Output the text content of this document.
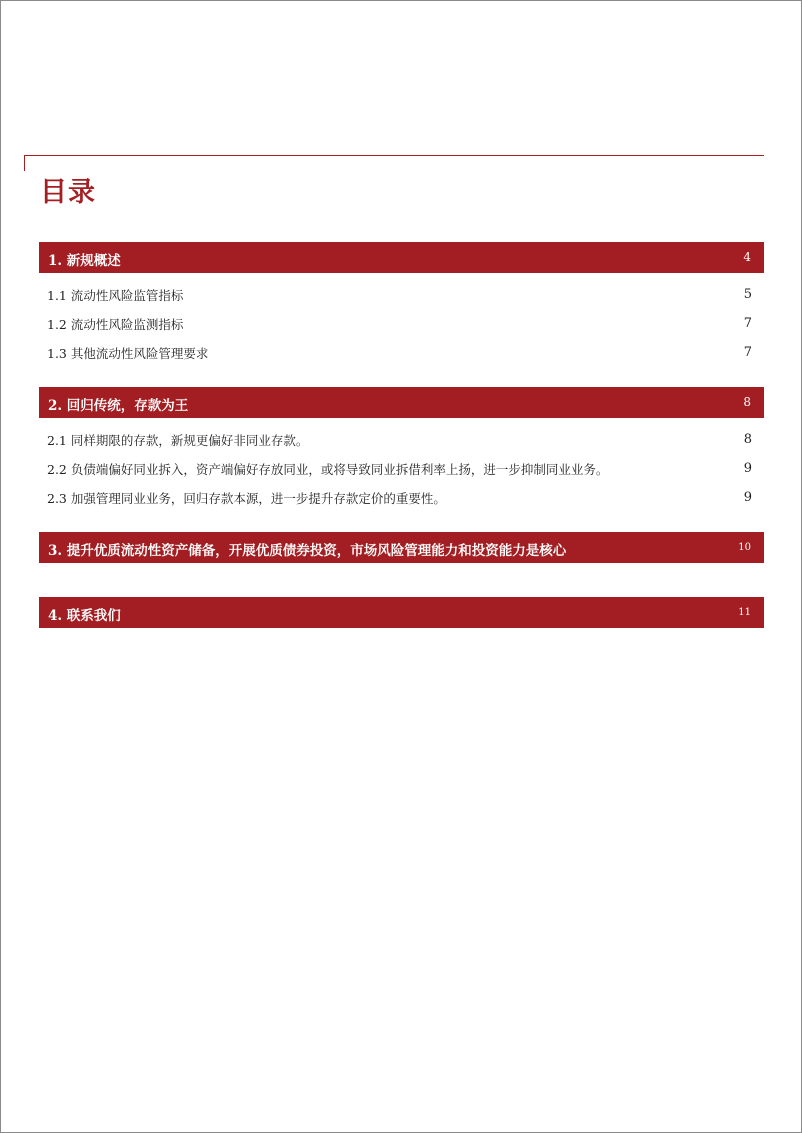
目录
1. 新规概述	4
1.1 流动性风险监管指标	5
1.2 流动性风险监测指标	7
1.3 其他流动性风险管理要求	7
2. 回归传统，存款为王	8
2.1 同样期限的存款，新规更偏好非同业存款。	8
2.2 负债端偏好同业拆入，资产端偏好存放同业，或将导致同业拆借利率上扬，进一步抑制同业业务。	9
2.3 加强管理同业业务，回归存款本源，进一步提升存款定价的重要性。	9
3. 提升优质流动性资产储备，开展优质债券投资，市场风险管理能力和投资能力是核心	10
4. 联系我们	11
